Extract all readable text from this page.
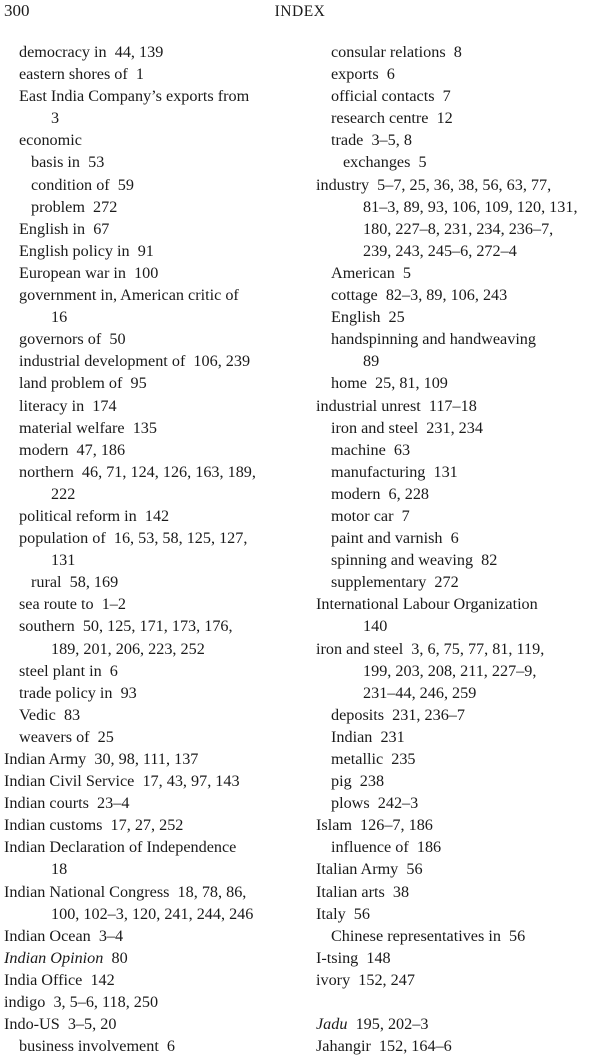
300	INDEX
democracy in  44, 139
eastern shores of  1
East India Company’s exports from
3
economic
basis in  53
condition of  59
problem  272
English in  67
English policy in  91
European war in  100
government in, American critic of
16
governors of  50
industrial development of  106, 239
land problem of  95
literacy in  174
material welfare  135
modern  47, 186
northern  46, 71, 124, 126, 163, 189,
222
political reform in  142
population of  16, 53, 58, 125, 127,
131
rural  58, 169
sea route to  1–2
southern  50, 125, 171, 173, 176,
189, 201, 206, 223, 252
steel plant in  6
trade policy in  93
Vedic  83
weavers of  25
Indian Army  30, 98, 111, 137
Indian Civil Service  17, 43, 97, 143
Indian courts  23–4
Indian customs  17, 27, 252
Indian Declaration of Independence
18
Indian National Congress  18, 78, 86,
100, 102–3, 120, 241, 244, 246
Indian Ocean  3–4
Indian Opinion  80
India Office  142
indigo  3, 5–6, 118, 250
Indo-US  3–5, 20
business involvement  6
consular relations  8
exports  6
official contacts  7
research centre  12
trade  3–5, 8
exchanges  5
industry  5–7, 25, 36, 38, 56, 63, 77,
81–3, 89, 93, 106, 109, 120, 131,
180, 227–8, 231, 234, 236–7,
239, 243, 245–6, 272–4
American  5
cottage  82–3, 89, 106, 243
English  25
handspinning and handweaving
89
home  25, 81, 109
industrial unrest  117–18
iron and steel  231, 234
machine  63
manufacturing  131
modern  6, 228
motor car  7
paint and varnish  6
spinning and weaving  82
supplementary  272
International Labour Organization
140
iron and steel  3, 6, 75, 77, 81, 119,
199, 203, 208, 211, 227–9,
231–44, 246, 259
deposits  231, 236–7
Indian  231
metallic  235
pig  238
plows  242–3
Islam  126–7, 186
influence of  186
Italian Army  56
Italian arts  38
Italy  56
Chinese representatives in  56
I-tsing  148
ivory  152, 247
Jadu  195, 202–3
Jahangir  152, 164–6
